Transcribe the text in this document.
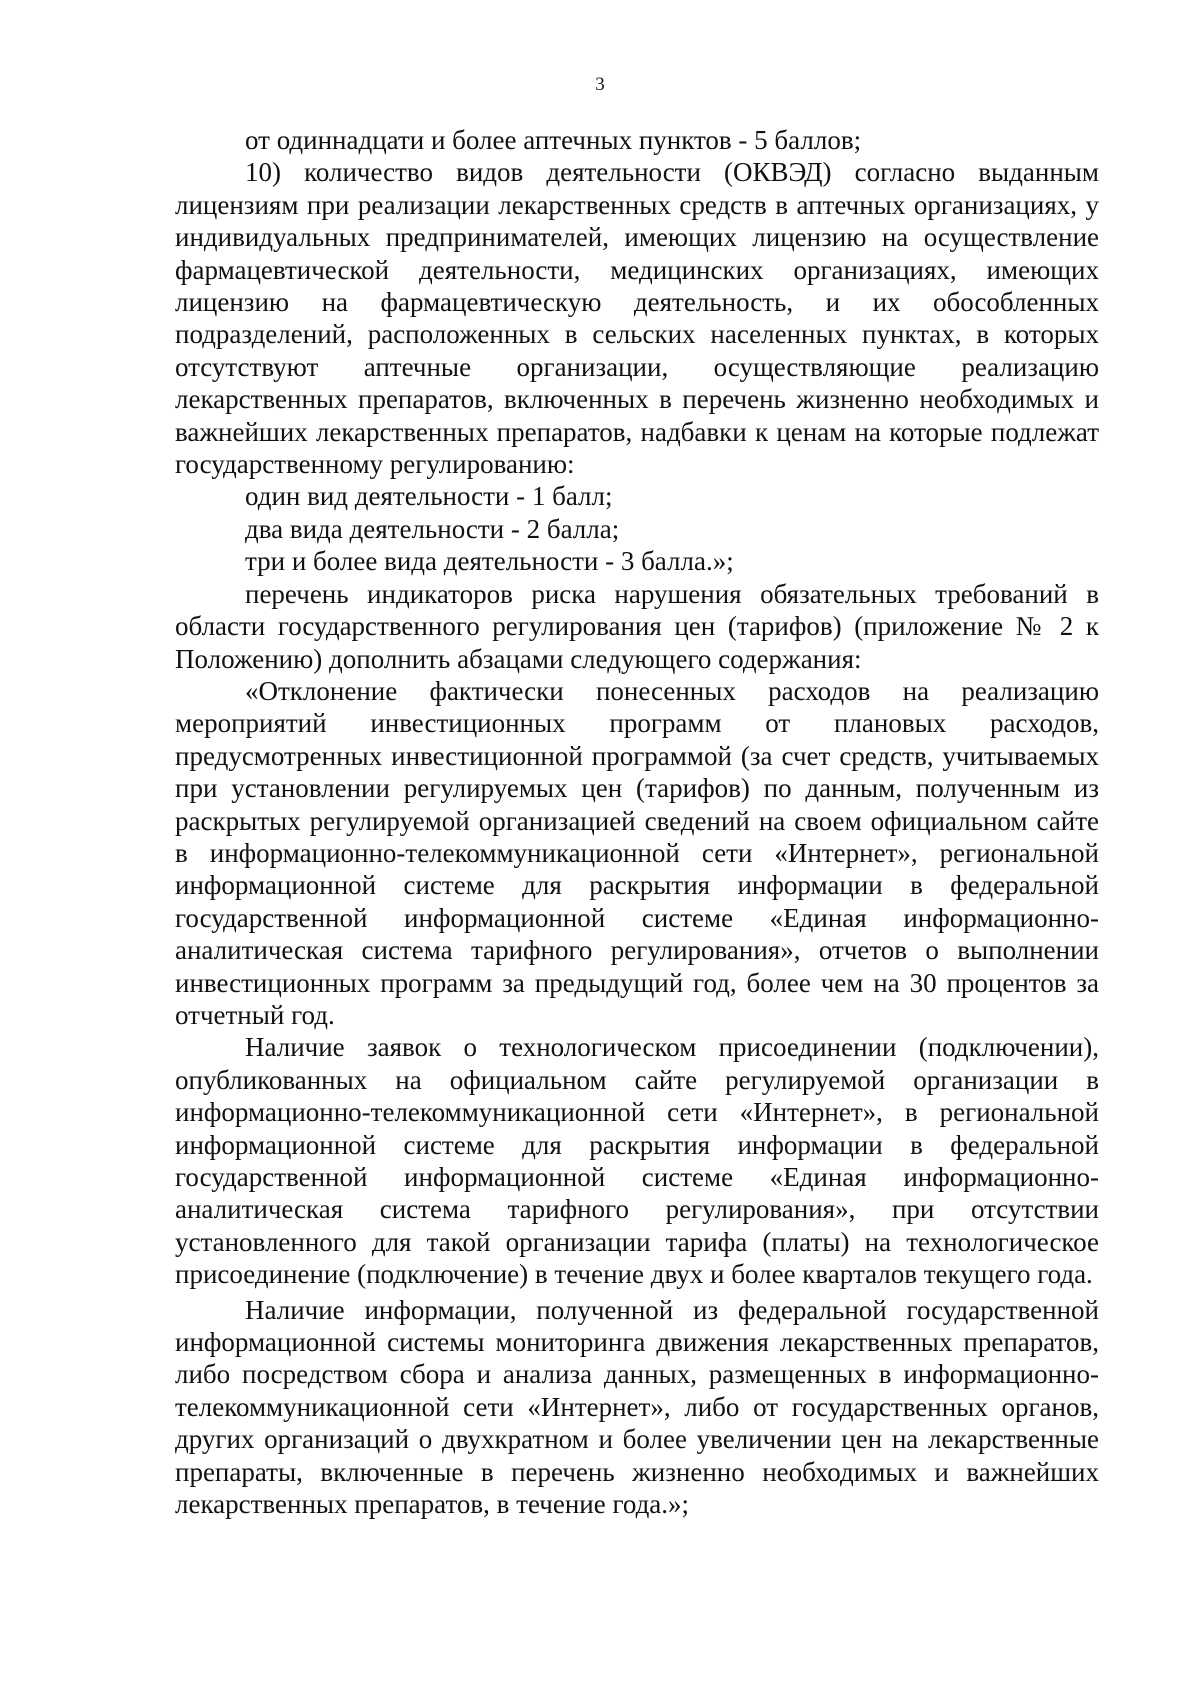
3

от одиннадцати и более аптечных пунктов - 5 баллов;

10) количество видов деятельности (ОКВЭД) согласно выданным лицензиям при реализации лекарственных средств в аптечных организациях, у индивидуальных предпринимателей, имеющих лицензию на осуществление фармацевтической деятельности, медицинских организациях, имеющих лицензию на фармацевтическую деятельность, и их обособленных подразделений, расположенных в сельских населенных пунктах, в которых отсутствуют аптечные организации, осуществляющие реализацию лекарственных препаратов, включенных в перечень жизненно необходимых и важнейших лекарственных препаратов, надбавки к ценам на которые подлежат государственному регулированию:

один вид деятельности - 1 балл;

два вида деятельности - 2 балла;

три и более вида деятельности - 3 балла.»;

перечень индикаторов риска нарушения обязательных требований в области государственного регулирования цен (тарифов) (приложение № 2 к Положению) дополнить абзацами следующего содержания:

«Отклонение фактически понесенных расходов на реализацию мероприятий инвестиционных программ от плановых расходов, предусмотренных инвестиционной программой (за счет средств, учитываемых при установлении регулируемых цен (тарифов) по данным, полученным из раскрытых регулируемой организацией сведений на своем официальном сайте в информационно-телекоммуникационной сети «Интернет», региональной информационной системе для раскрытия информации в федеральной государственной информационной системе «Единая информационно-аналитическая система тарифного регулирования», отчетов о выполнении инвестиционных программ за предыдущий год, более чем на 30 процентов за отчетный год.

Наличие заявок о технологическом присоединении (подключении), опубликованных на официальном сайте регулируемой организации в информационно-телекоммуникационной сети «Интернет», в региональной информационной системе для раскрытия информации в федеральной государственной информационной системе «Единая информационно-аналитическая система тарифного регулирования», при отсутствии установленного для такой организации тарифа (платы) на технологическое присоединение (подключение) в течение двух и более кварталов текущего года.

Наличие информации, полученной из федеральной государственной информационной системы мониторинга движения лекарственных препаратов, либо посредством сбора и анализа данных, размещенных в информационно-телекоммуникационной сети «Интернет», либо от государственных органов, других организаций о двухкратном и более увеличении цен на лекарственные препараты, включенные в перечень жизненно необходимых и важнейших лекарственных препаратов, в течение года.»;
